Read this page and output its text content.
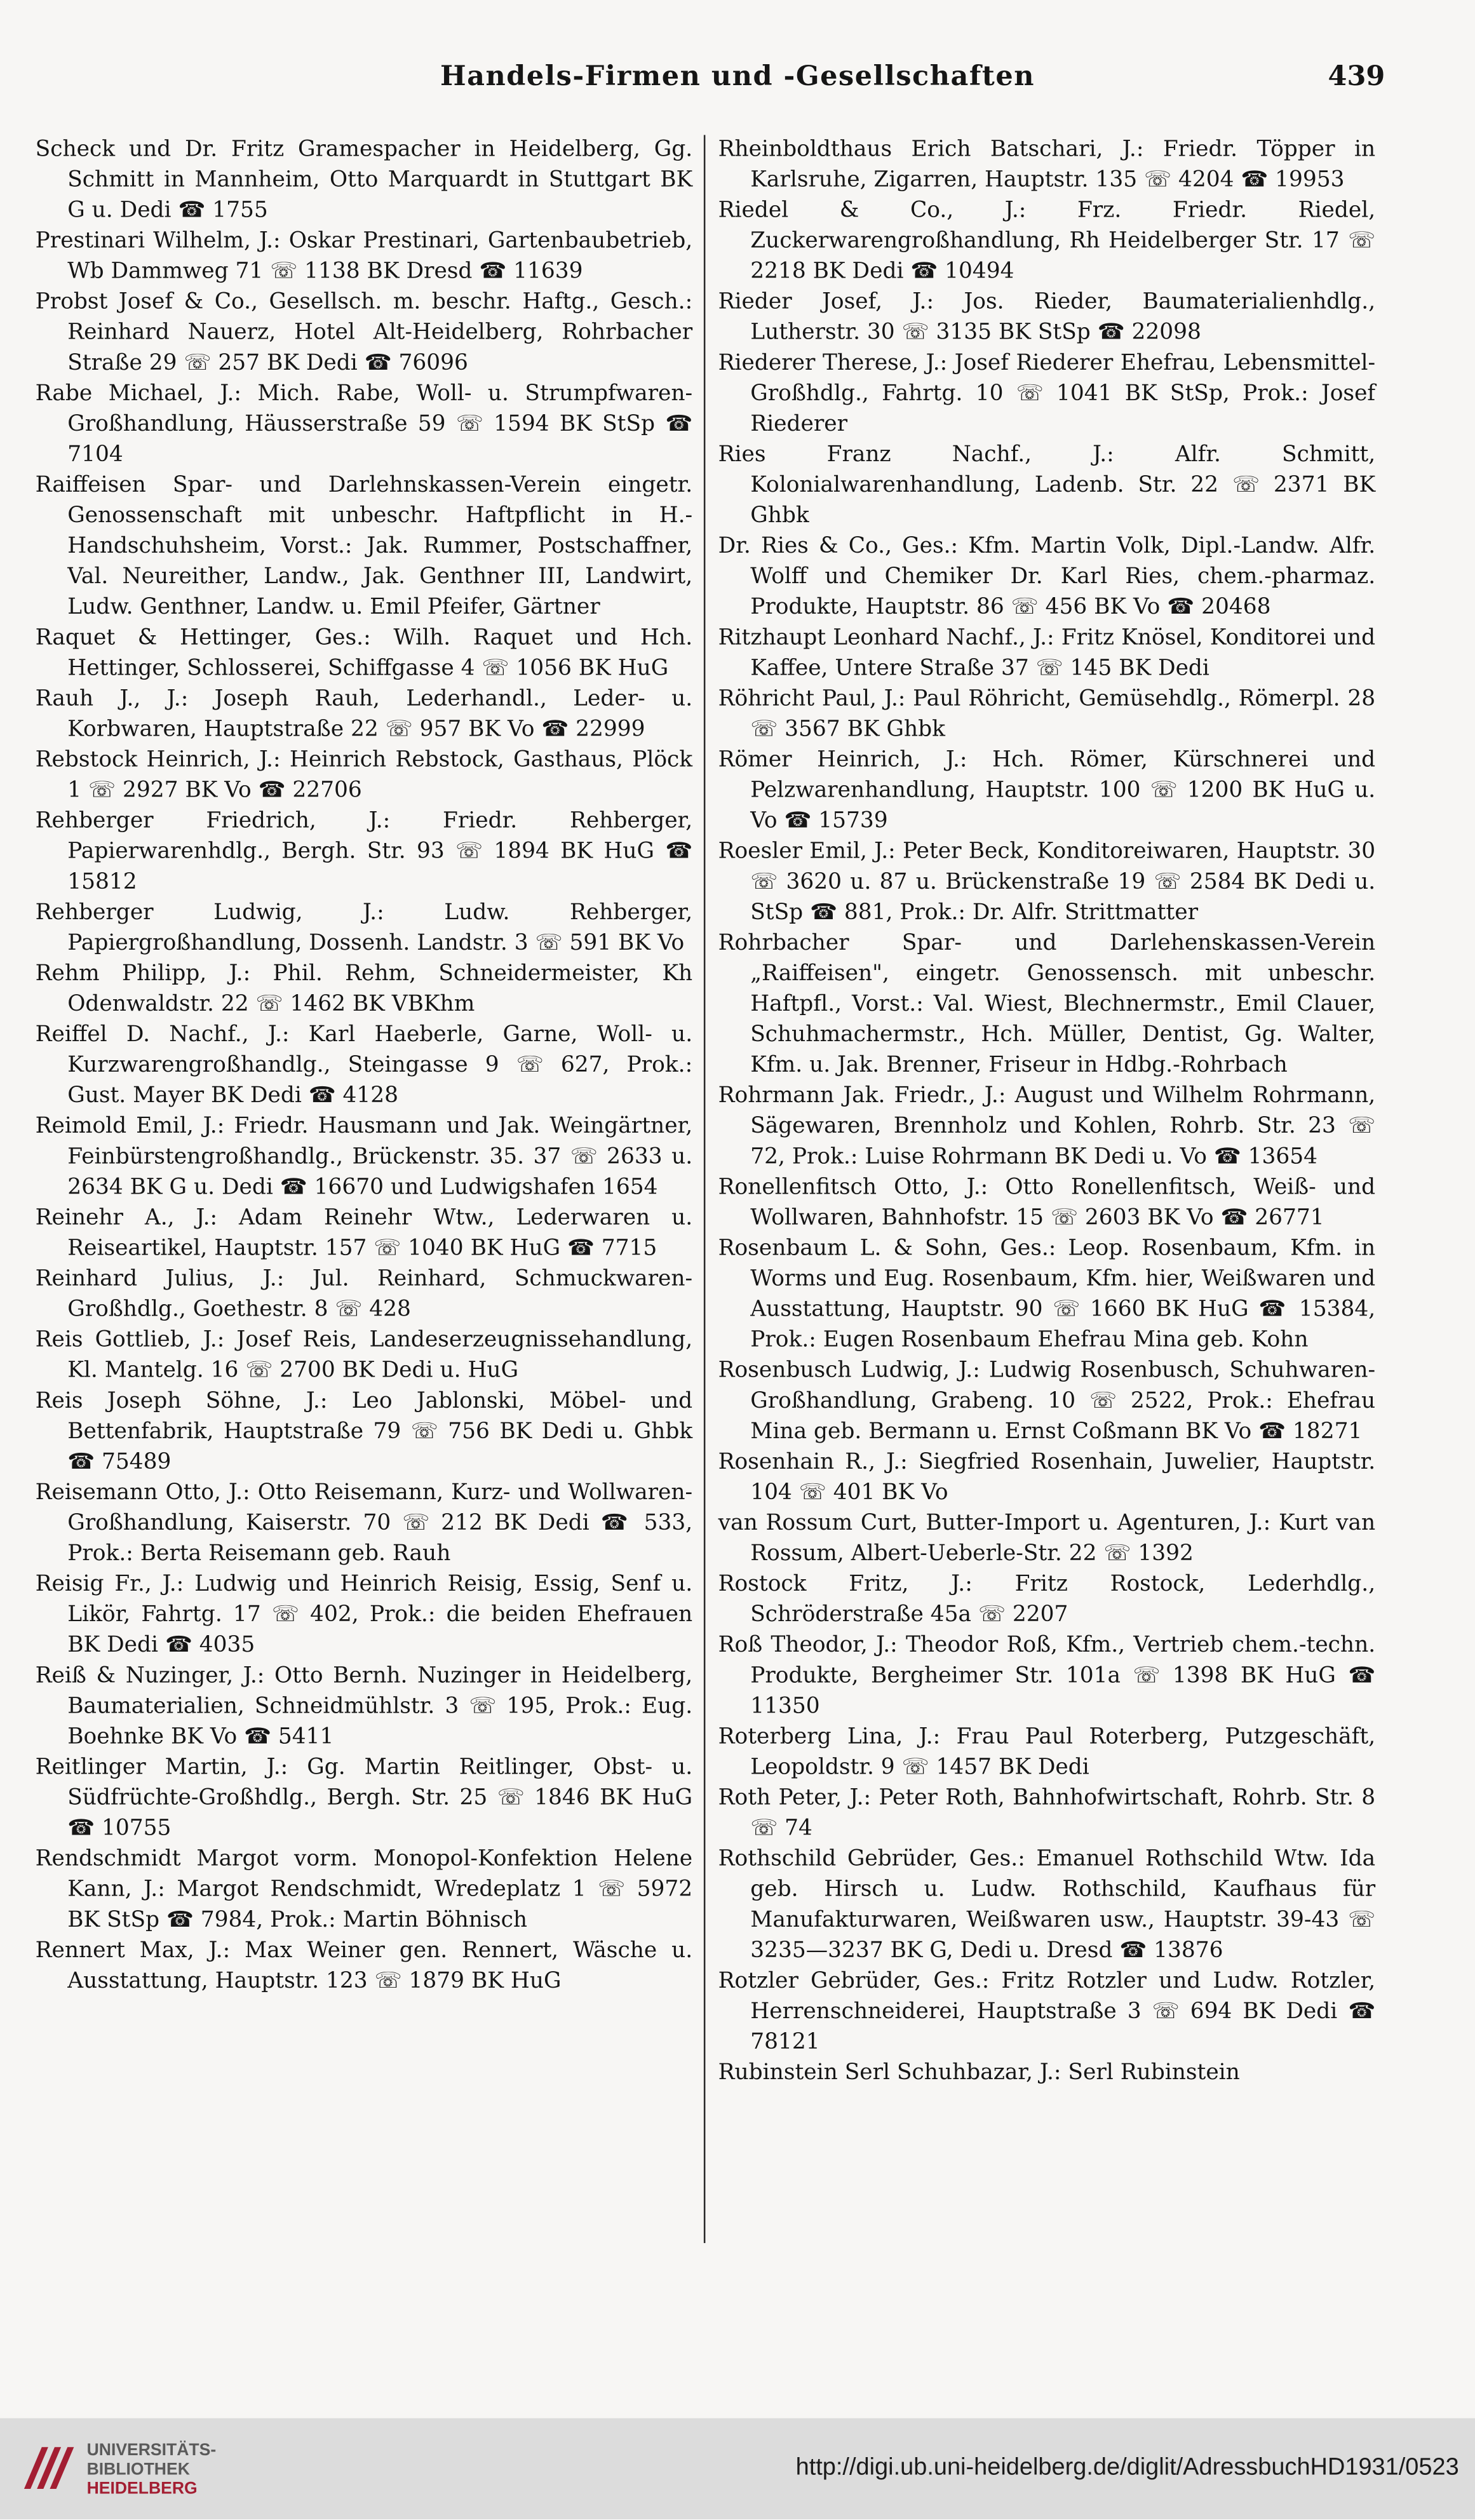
Handels-Firmen und -Gesellschaften	439

Scheck und Dr. Fritz Gramespacher in Heidelberg, Gg. Schmitt in Mannheim, Otto Marquardt in Stuttgart BK G u. Dedi ☎ 1755

Prestinari Wilhelm, J.: Oskar Prestinari, Gartenbaubetrieb, Wb Dammweg 71 ☏ 1138 BK Dresd ☎ 11639

Probst Josef & Co., Gesellsch. m. beschr. Haftg., Gesch.: Reinhard Nauerz, Hotel Alt-Heidelberg, Rohrbacher Straße 29 ☏ 257 BK Dedi ☎ 76096

Rabe Michael, J.: Mich. Rabe, Woll- u. Strumpfwaren-Großhandlung, Häusserstraße 59 ☏ 1594 BK StSp ☎ 7104

Raiffeisen Spar- und Darlehnskassen-Verein eingetr. Genossenschaft mit unbeschr. Haftpflicht in H.-Handschuhsheim, Vorst.: Jak. Rummer, Postschaffner, Val. Neureither, Landw., Jak. Genthner III, Landwirt, Ludw. Genthner, Landw. u. Emil Pfeifer, Gärtner

Raquet & Hettinger, Ges.: Wilh. Raquet und Hch. Hettinger, Schlosserei, Schiffgasse 4 ☏ 1056 BK HuG

Rauh J., J.: Joseph Rauh, Lederhandl., Leder- u. Korbwaren, Hauptstraße 22 ☏ 957 BK Vo ☎ 22999

Rebstock Heinrich, J.: Heinrich Rebstock, Gasthaus, Plöck 1 ☏ 2927 BK Vo ☎ 22706

Rehberger Friedrich, J.: Friedr. Rehberger, Papierwarenhdlg., Bergh. Str. 93 ☏ 1894 BK HuG ☎ 15812

Rehberger Ludwig, J.: Ludw. Rehberger, Papiergroßhandlung, Dossenh. Landstr. 3 ☏ 591 BK Vo

Rehm Philipp, J.: Phil. Rehm, Schneidermeister, Kh Odenwaldstr. 22 ☏ 1462 BK VBKhm

Reiffel D. Nachf., J.: Karl Haeberle, Garne, Woll- u. Kurzwarengroßhandlg., Steingasse 9 ☏ 627, Prok.: Gust. Mayer BK Dedi ☎ 4128

Reimold Emil, J.: Friedr. Hausmann und Jak. Weingärtner, Feinbürstengroßhandlg., Brückenstr. 35. 37 ☏ 2633 u. 2634 BK G u. Dedi ☎ 16670 und Ludwigshafen 1654

Reinehr A., J.: Adam Reinehr Wtw., Lederwaren u. Reiseartikel, Hauptstr. 157 ☏ 1040 BK HuG ☎ 7715

Reinhard Julius, J.: Jul. Reinhard, Schmuckwaren-Großhdlg., Goethestr. 8 ☏ 428

Reis Gottlieb, J.: Josef Reis, Landeserzeugnissehandlung, Kl. Mantelg. 16 ☏ 2700 BK Dedi u. HuG

Reis Joseph Söhne, J.: Leo Jablonski, Möbel- und Bettenfabrik, Hauptstraße 79 ☏ 756 BK Dedi u. Ghbk ☎ 75489

Reisemann Otto, J.: Otto Reisemann, Kurz- und Wollwaren-Großhandlung, Kaiserstr. 70 ☏ 212 BK Dedi ☎ 533, Prok.: Berta Reisemann geb. Rauh

Reisig Fr., J.: Ludwig und Heinrich Reisig, Essig, Senf u. Likör, Fahrtg. 17 ☏ 402, Prok.: die beiden Ehefrauen BK Dedi ☎ 4035

Reiß & Nuzinger, J.: Otto Bernh. Nuzinger in Heidelberg, Baumaterialien, Schneidmühlstr. 3 ☏ 195, Prok.: Eug. Boehnke BK Vo ☎ 5411

Reitlinger Martin, J.: Gg. Martin Reitlinger, Obst- u. Südfrüchte-Großhdlg., Bergh. Str. 25 ☏ 1846 BK HuG ☎ 10755

Rendschmidt Margot vorm. Monopol-Konfektion Helene Kann, J.: Margot Rendschmidt, Wredeplatz 1 ☏ 5972 BK StSp ☎ 7984, Prok.: Martin Böhnisch

Rennert Max, J.: Max Weiner gen. Rennert, Wäsche u. Ausstattung, Hauptstr. 123 ☏ 1879 BK HuG

Rheinboldthaus Erich Batschari, J.: Friedr. Töpper in Karlsruhe, Zigarren, Hauptstr. 135 ☏ 4204 ☎ 19953

Riedel & Co., J.: Frz. Friedr. Riedel, Zuckerwarengroßhandlung, Rh Heidelberger Str. 17 ☏ 2218 BK Dedi ☎ 10494

Rieder Josef, J.: Jos. Rieder, Baumaterialienhdlg., Lutherstr. 30 ☏ 3135 BK StSp ☎ 22098

Riederer Therese, J.: Josef Riederer Ehefrau, Lebensmittel-Großhdlg., Fahrtg. 10 ☏ 1041 BK StSp, Prok.: Josef Riederer

Ries Franz Nachf., J.: Alfr. Schmitt, Kolonialwarenhandlung, Ladenb. Str. 22 ☏ 2371 BK Ghbk

Dr. Ries & Co., Ges.: Kfm. Martin Volk, Dipl.-Landw. Alfr. Wolff und Chemiker Dr. Karl Ries, chem.-pharmaz. Produkte, Hauptstr. 86 ☏ 456 BK Vo ☎ 20468

Ritzhaupt Leonhard Nachf., J.: Fritz Knösel, Konditorei und Kaffee, Untere Straße 37 ☏ 145 BK Dedi

Röhricht Paul, J.: Paul Röhricht, Gemüsehdlg., Römerpl. 28 ☏ 3567 BK Ghbk

Römer Heinrich, J.: Hch. Römer, Kürschnerei und Pelzwarenhandlung, Hauptstr. 100 ☏ 1200 BK HuG u. Vo ☎ 15739

Roesler Emil, J.: Peter Beck, Konditoreiwaren, Hauptstr. 30 ☏ 3620 u. 87 u. Brückenstraße 19 ☏ 2584 BK Dedi u. StSp ☎ 881, Prok.: Dr. Alfr. Strittmatter

Rohrbacher Spar- und Darlehenskassen-Verein „Raiffeisen", eingetr. Genossensch. mit unbeschr. Haftpfl., Vorst.: Val. Wiest, Blechnermstr., Emil Clauer, Schuhmachermstr., Hch. Müller, Dentist, Gg. Walter, Kfm. u. Jak. Brenner, Friseur in Hdbg.-Rohrbach

Rohrmann Jak. Friedr., J.: August und Wilhelm Rohrmann, Sägewaren, Brennholz und Kohlen, Rohrb. Str. 23 ☏ 72, Prok.: Luise Rohrmann BK Dedi u. Vo ☎ 13654

Ronellenfitsch Otto, J.: Otto Ronellenfitsch, Weiß- und Wollwaren, Bahnhofstr. 15 ☏ 2603 BK Vo ☎ 26771

Rosenbaum L. & Sohn, Ges.: Leop. Rosenbaum, Kfm. in Worms und Eug. Rosenbaum, Kfm. hier, Weißwaren und Ausstattung, Hauptstr. 90 ☏ 1660 BK HuG ☎ 15384, Prok.: Eugen Rosenbaum Ehefrau Mina geb. Kohn

Rosenbusch Ludwig, J.: Ludwig Rosenbusch, Schuhwaren-Großhandlung, Grabeng. 10 ☏ 2522, Prok.: Ehefrau Mina geb. Bermann u. Ernst Coßmann BK Vo ☎ 18271

Rosenhain R., J.: Siegfried Rosenhain, Juwelier, Hauptstr. 104 ☏ 401 BK Vo

van Rossum Curt, Butter-Import u. Agenturen, J.: Kurt van Rossum, Albert-Ueberle-Str. 22 ☏ 1392

Rostock Fritz, J.: Fritz Rostock, Lederhdlg., Schröderstraße 45a ☏ 2207

Roß Theodor, J.: Theodor Roß, Kfm., Vertrieb chem.-techn. Produkte, Bergheimer Str. 101a ☏ 1398 BK HuG ☎ 11350

Roterberg Lina, J.: Frau Paul Roterberg, Putzgeschäft, Leopoldstr. 9 ☏ 1457 BK Dedi

Roth Peter, J.: Peter Roth, Bahnhofwirtschaft, Rohrb. Str. 8 ☏ 74

Rothschild Gebrüder, Ges.: Emanuel Rothschild Wtw. Ida geb. Hirsch u. Ludw. Rothschild, Kaufhaus für Manufakturwaren, Weißwaren usw., Hauptstr. 39-43 ☏ 3235—3237 BK G, Dedi u. Dresd ☎ 13876

Rotzler Gebrüder, Ges.: Fritz Rotzler und Ludw. Rotzler, Herrenschneiderei, Hauptstraße 3 ☏ 694 BK Dedi ☎ 78121

Rubinstein Serl Schuhbazar, J.: Serl Rubinstein

UNIVERSITÄTS-
BIBLIOTHEK
HEIDELBERG
http://digi.ub.uni-heidelberg.de/diglit/AdressbuchHD1931/0523
